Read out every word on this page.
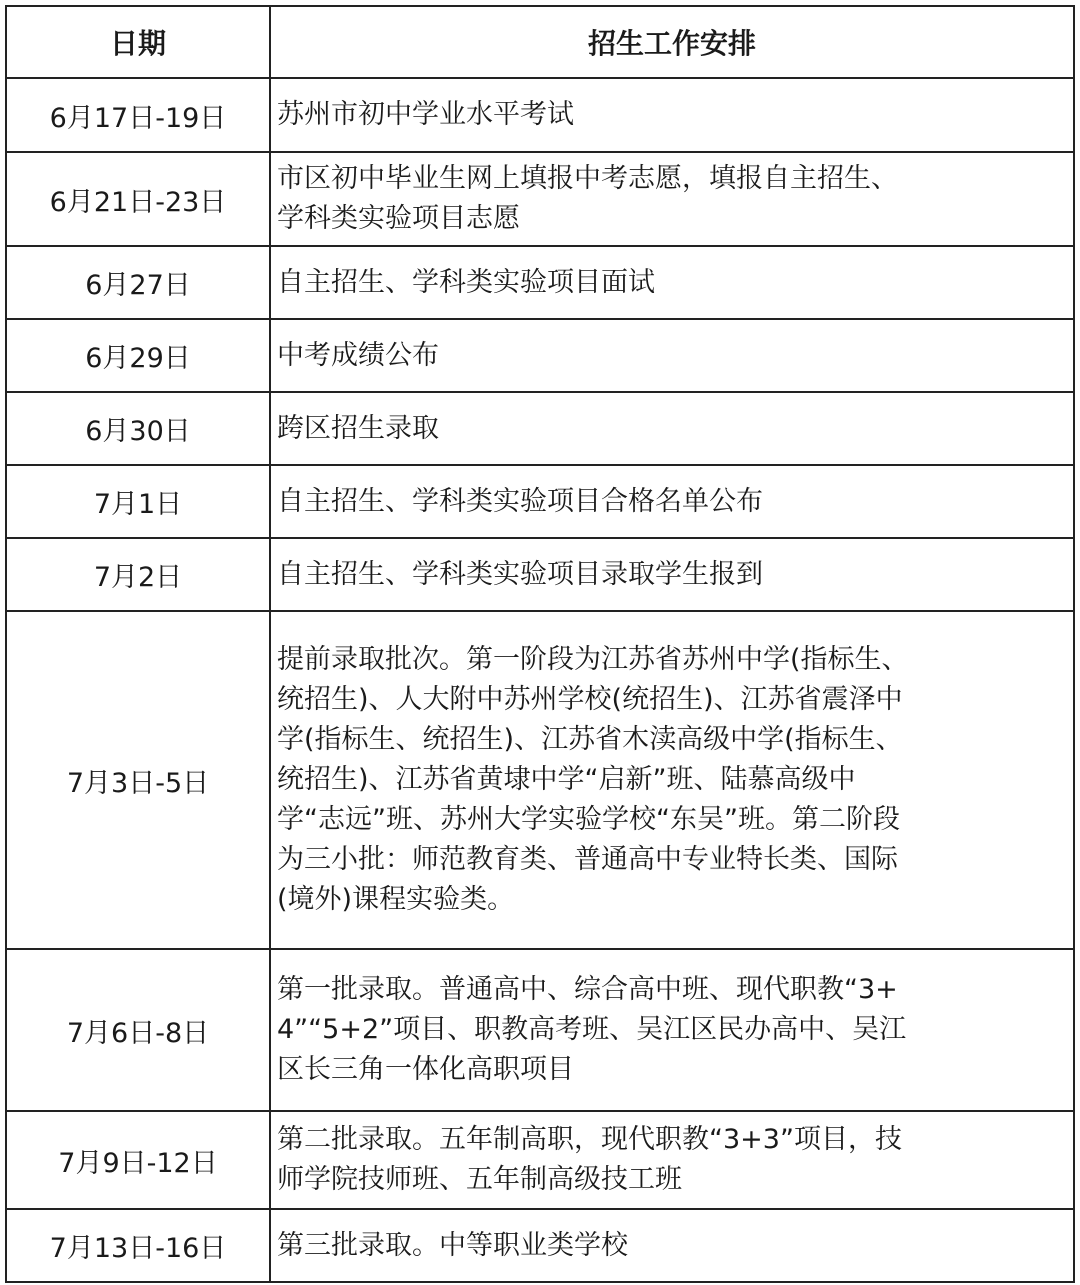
日期	招生工作安排
6月17日-19日	苏州市初中学业水平考试
6月21日-23日	市区初中毕业生网上填报中考志愿，填报自主招生、学科类实验项目志愿
6月27日	自主招生、学科类实验项目面试
6月29日	中考成绩公布
6月30日	跨区招生录取
7月1日	自主招生、学科类实验项目合格名单公布
7月2日	自主招生、学科类实验项目录取学生报到
7月3日-5日	提前录取批次。第一阶段为江苏省苏州中学(指标生、统招生)、人大附中苏州学校(统招生)、江苏省震泽中学(指标生、统招生)、江苏省木渎高级中学(指标生、统招生)、江苏省黄埭中学“启新”班、陆慕高级中学“志远”班、苏州大学实验学校“东吴”班。第二阶段为三小批：师范教育类、普通高中专业特长类、国际(境外)课程实验类。
7月6日-8日	第一批录取。普通高中、综合高中班、现代职教“3+4”“5+2”项目、职教高考班、吴江区民办高中、吴江区长三角一体化高职项目
7月9日-12日	第二批录取。五年制高职，现代职教“3+3”项目，技师学院技师班、五年制高级技工班
7月13日-16日	第三批录取。中等职业类学校
